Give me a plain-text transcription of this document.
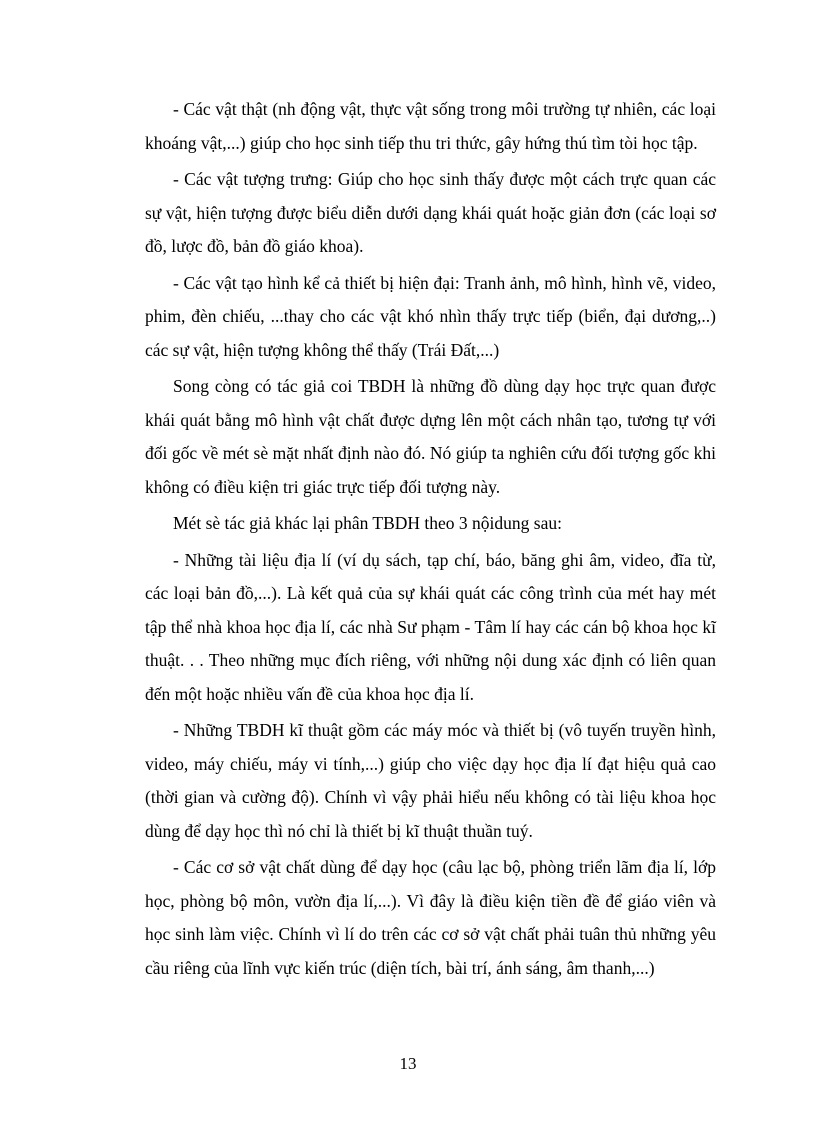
- Các vật thật (nh động vật, thực vật sống trong môi trường tự nhiên, các loại khoáng vật,...) giúp cho học sinh tiếp thu tri thức, gây hứng thú tìm tòi học tập.

- Các vật tượng trưng: Giúp cho học sinh thấy được một cách trực quan các sự vật, hiện tượng được biểu diễn dưới dạng khái quát hoặc giản đơn (các loại sơ đồ, lược đồ, bản đồ giáo khoa).

- Các vật tạo hình kể cả thiết bị hiện đại: Tranh ảnh, mô hình, hình vẽ, video, phim, đèn chiếu, ...thay cho các vật khó nhìn thấy trực tiếp (biển, đại dương,..) các sự vật, hiện tượng không thể thấy (Trái Đất,...)

Song còng có tác giả coi TBDH là những đồ dùng dạy học trực quan được khái quát bằng mô hình vật chất được dựng lên một cách nhân tạo, tương tự với đối gốc về mét sè mặt nhất định nào đó. Nó giúp ta nghiên cứu đối tượng gốc khi không có điều kiện tri giác trực tiếp đối tượng này.

Mét sè tác giả khác lại phân TBDH theo 3 nộidung sau:

- Những tài liệu địa lí (ví dụ sách, tạp chí, báo, băng ghi âm, video, đĩa từ, các loại bản đồ,...). Là kết quả của sự khái quát các công trình của mét hay mét tập thể nhà khoa học địa lí, các nhà Sư phạm - Tâm lí hay các cán bộ khoa học kĩ thuật. . . Theo những mục đích riêng, với những nội dung xác định có liên quan đến một hoặc nhiều vấn đề của khoa học địa lí.

- Những TBDH kĩ thuật gồm các máy móc và thiết bị (vô tuyến truyền hình, video, máy chiếu, máy vi tính,...) giúp cho việc dạy học địa lí đạt hiệu quả cao (thời gian và cường độ). Chính vì vậy phải hiểu nếu không có tài liệu khoa học dùng để dạy học thì nó chỉ là thiết bị kĩ thuật thuần tuý.

- Các cơ sở vật chất dùng để dạy học (câu lạc bộ, phòng triển lãm địa lí, lớp học, phòng bộ môn, vườn địa lí,...). Vì đây là điều kiện tiền đề để giáo viên và học sinh làm việc. Chính vì lí do trên các cơ sở vật chất phải tuân thủ những yêu cầu riêng của lĩnh vực kiến trúc (diện tích, bài trí, ánh sáng, âm thanh,...)

13
